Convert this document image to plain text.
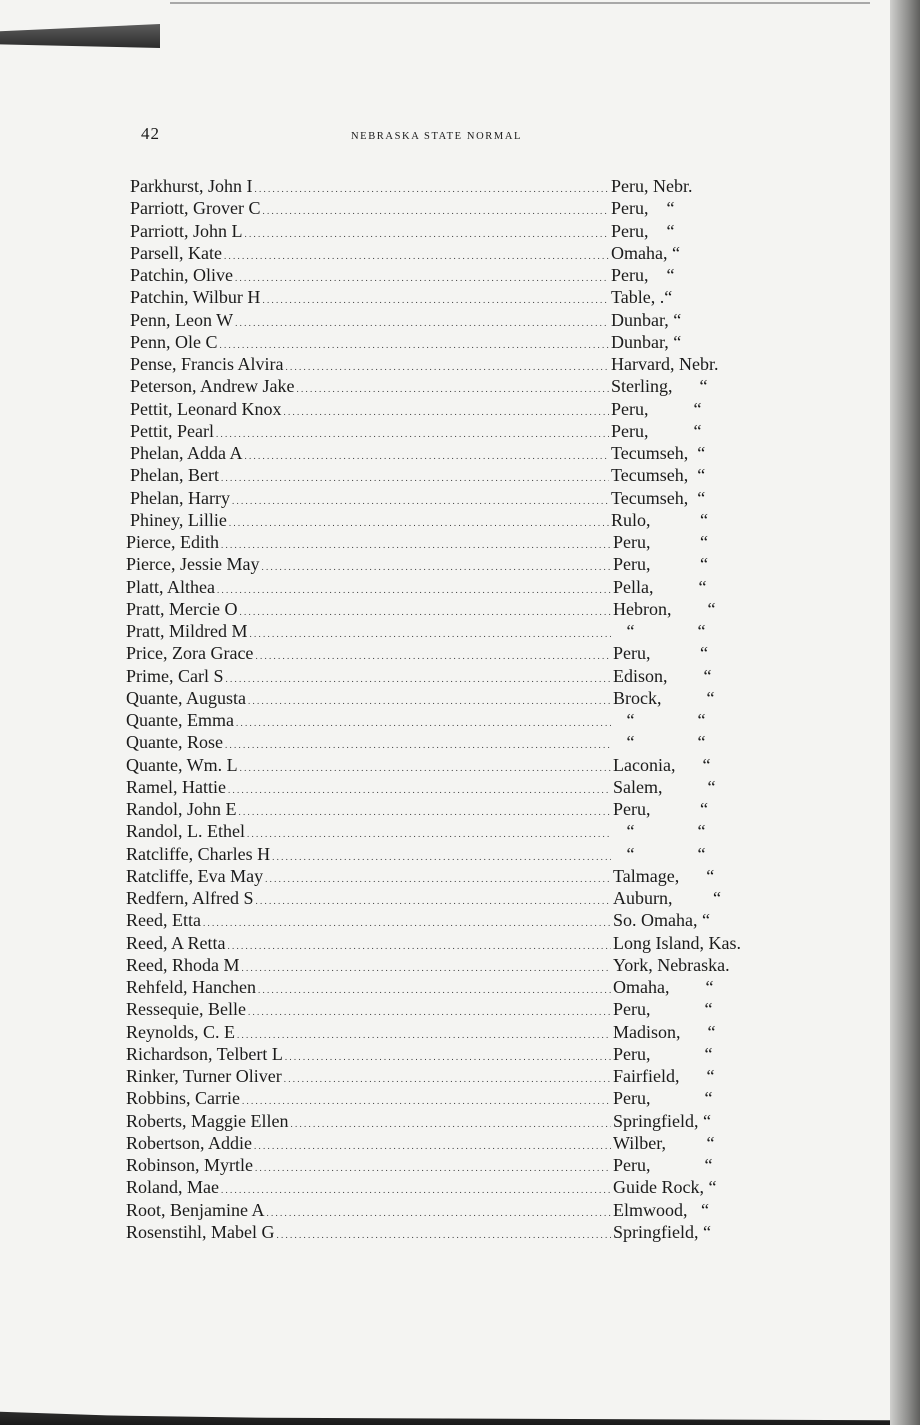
42	NEBRASKA STATE NORMAL
Parkhurst, John I . . .	Peru, Nebr.
Parriott, Grover C . . .	Peru,    “
Parriott, John L . . .	Peru,    “
Parsell, Kate . . .	Omaha, “
Patchin, Olive . . .	Peru,    “
Patchin, Wilbur H . . .	Table, .“
Penn, Leon W . . .	Dunbar, “
Penn, Ole C . . .	Dunbar, “
Pense, Francis Alvira . . .	Harvard, Nebr.
Peterson, Andrew Jake . . .	Sterling,      “
Pettit, Leonard Knox . . .	Peru,          “
Pettit, Pearl . . .	Peru,          “
Phelan, Adda A . . .	Tecumseh,  “
Phelan, Bert . . .	Tecumseh,  “
Phelan, Harry . . .	Tecumseh,  “
Phiney, Lillie . . .	Rulo,           “
Pierce, Edith . . .	Peru,           “
Pierce, Jessie May . . .	Peru,           “
Platt, Althea . . .	Pella,          “
Pratt, Mercie O . . .	Hebron,        “
Pratt, Mildred M . . .	“              “
Price, Zora Grace . . .	Peru,           “
Prime, Carl S . . .	Edison,        “
Quante, Augusta . . .	Brock,          “
Quante, Emma . . .	“              “
Quante, Rose . . .	“              “
Quante, Wm. L . . .	Laconia,      “
Ramel, Hattie . . .	Salem,          “
Randol, John E . . .	Peru,           “
Randol, L. Ethel . . .	“              “
Ratcliffe, Charles H . . .	“              “
Ratcliffe, Eva May . . .	Talmage,      “
Redfern, Alfred S . . .	Auburn,         “
Reed, Etta . . .	So. Omaha, “
Reed, A Retta . . .	Long Island, Kas.
Reed, Rhoda M . . .	York, Nebraska.
Rehfeld, Hanchen . . .	Omaha,        “
Ressequie, Belle . . .	Peru,            “
Reynolds, C. E . . .	Madison,      “
Richardson, Telbert L . . .	Peru,            “
Rinker, Turner Oliver . . .	Fairfield,      “
Robbins, Carrie . . .	Peru,            “
Roberts, Maggie Ellen . . .	Springfield, “
Robertson, Addie . . .	Wilber,         “
Robinson, Myrtle . . .	Peru,            “
Roland, Mae . . .	Guide Rock, “
Root, Benjamine A . . .	Elmwood,   “
Rosenstihl, Mabel G . . .	Springfield, “
